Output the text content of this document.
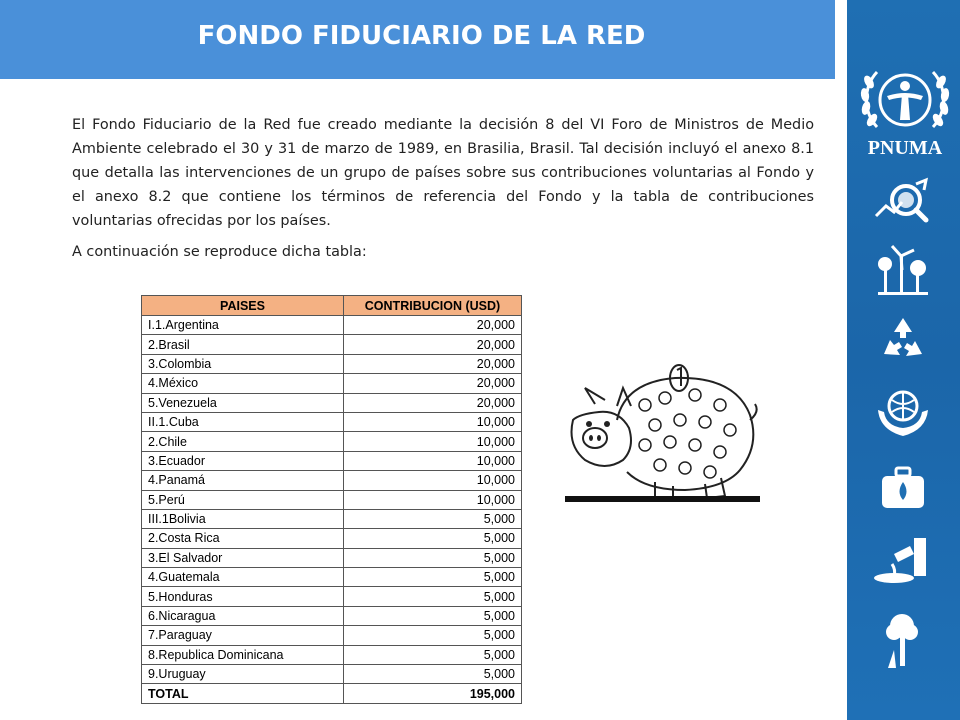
FONDO FIDUCIARIO DE LA RED
PNUMA

El Fondo Fiduciario de la Red fue creado mediante la decisión 8 del VI Foro de Ministros de Medio Ambiente celebrado el 30 y 31 de marzo de 1989, en Brasilia, Brasil. Tal decisión incluyó el anexo 8.1 que detalla las intervenciones de un grupo de países sobre sus contribuciones voluntarias al Fondo y el anexo 8.2 que contiene los términos de referencia del Fondo y la tabla de contribuciones voluntarias ofrecidas por los países.

A continuación se reproduce dicha tabla:
PAISES	CONTRIBUCION (USD)
I.1.Argentina	20,000
2.Brasil	20,000
3.Colombia	20,000
4.México	20,000
5.Venezuela	20,000
II.1.Cuba	10,000
2.Chile	10,000
3.Ecuador	10,000
4.Panamá	10,000
5.Perú	10,000
III.1Bolivia	5,000
2.Costa Rica	5,000
3.El Salvador	5,000
4.Guatemala	5,000
5.Honduras	5,000
6.Nicaragua	5,000
7.Paraguay	5,000
8.Republica Dominicana	5,000
9.Uruguay	5,000
TOTAL	195,000
